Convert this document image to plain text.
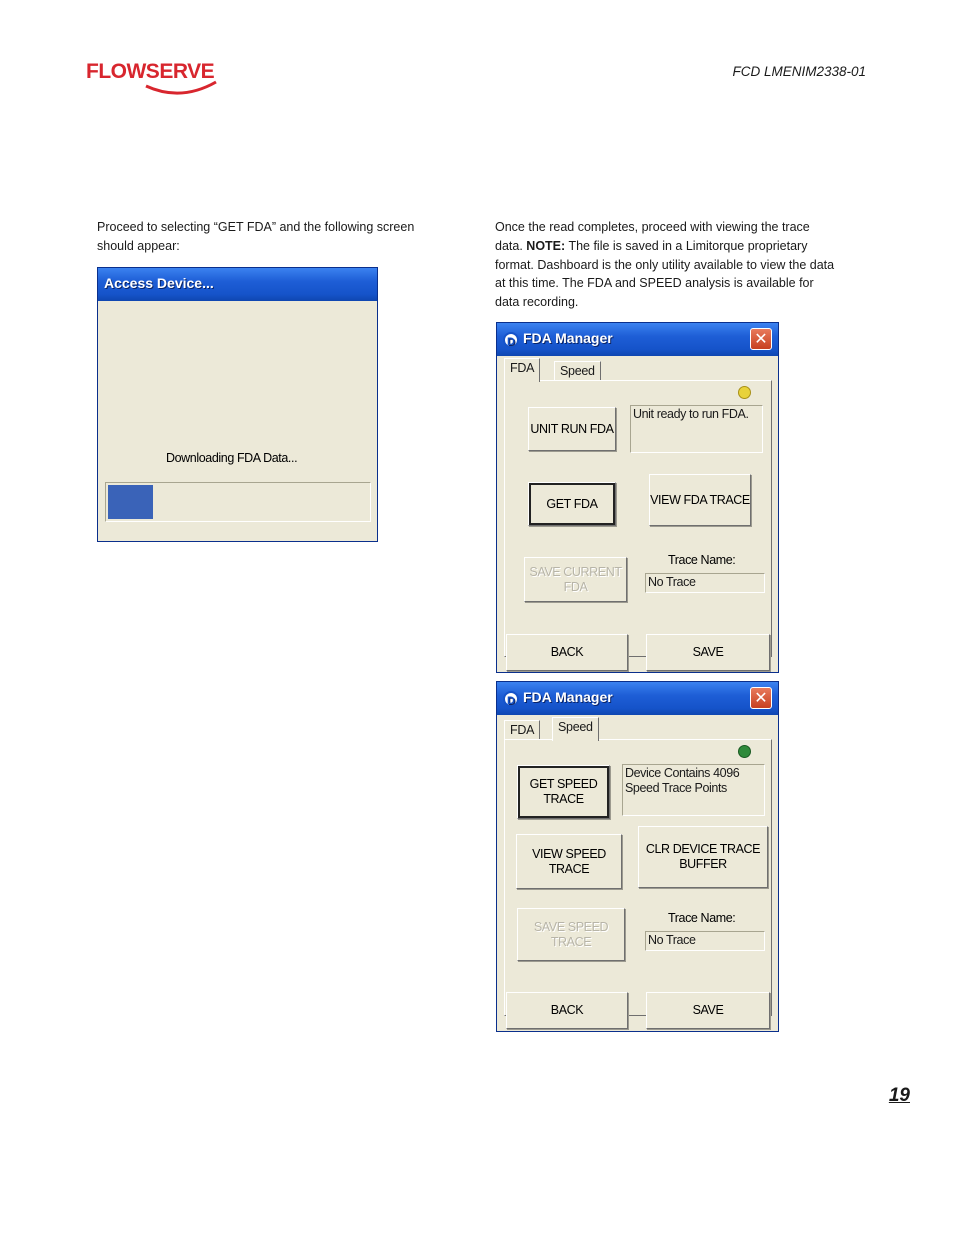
FLOWSERVE	FCD LMENIM2338-01
Proceed to selecting “GET FDA” and the following screen should appear:
Access Device...
Downloading FDA Data...
Once the read completes, proceed with viewing the trace data. NOTE: The file is saved in a Limitorque proprietary format. Dashboard is the only utility available to view the data at this time. The FDA and SPEED analysis is available for data recording.
D FDA Manager	✕
FDA	Speed
UNIT RUN FDA
Unit ready to run FDA.
GET FDA	VIEW FDA TRACE
SAVE CURRENT FDA
Trace Name:
No Trace
BACK	SAVE
D FDA Manager	✕
FDA	Speed
GET SPEED TRACE
Device Contains 4096 Speed Trace Points
VIEW SPEED TRACE
CLR DEVICE TRACE BUFFER
SAVE SPEED TRACE
Trace Name:
No Trace
BACK	SAVE
19
